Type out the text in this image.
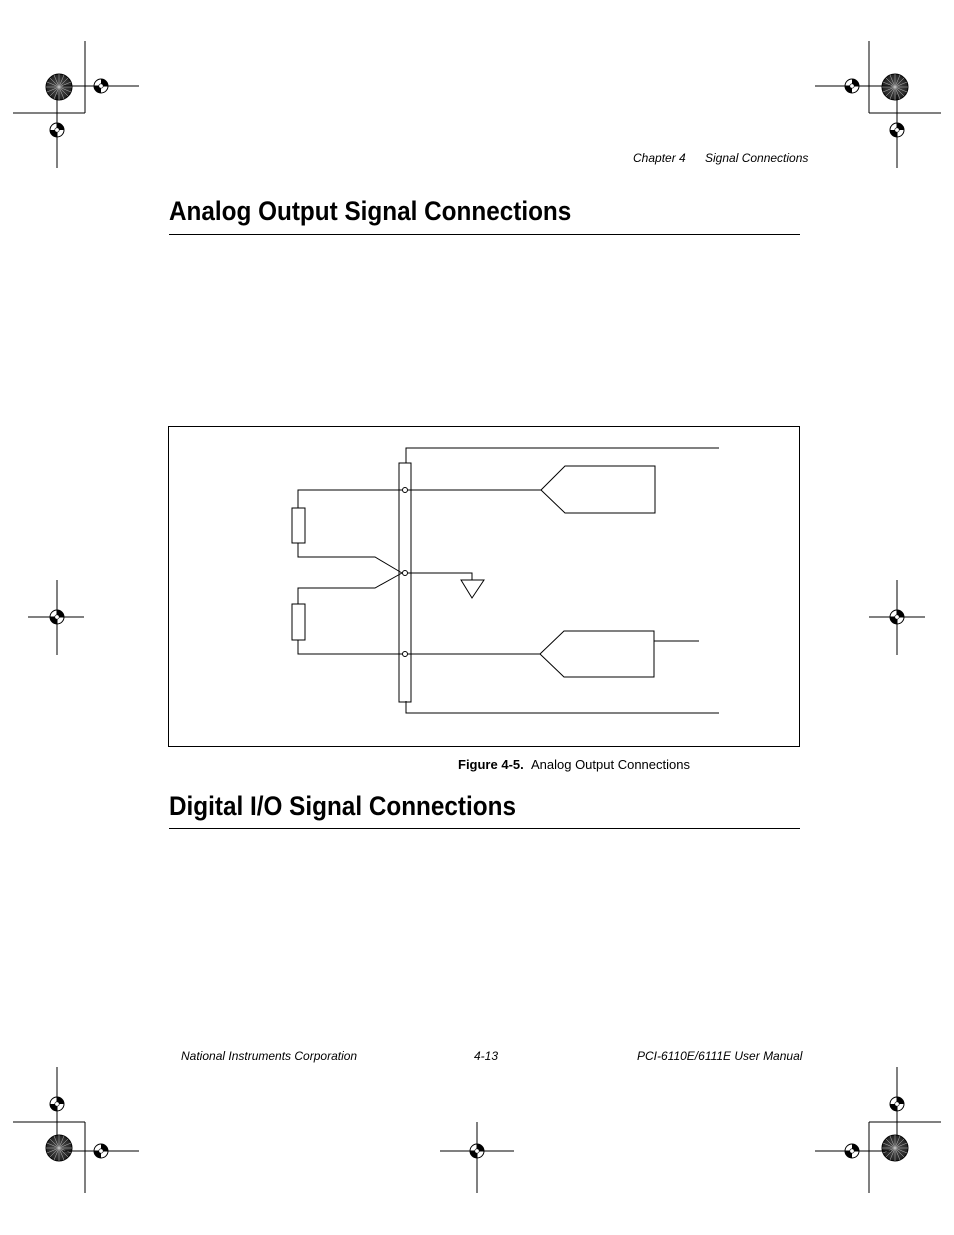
Chapter 4 Signal Connections
Analog Output Signal Connections
Figure 4-5. Analog Output Connections
Digital I/O Signal Connections
National Instruments Corporation	4-13	PCI-6110E/6111E User Manual
